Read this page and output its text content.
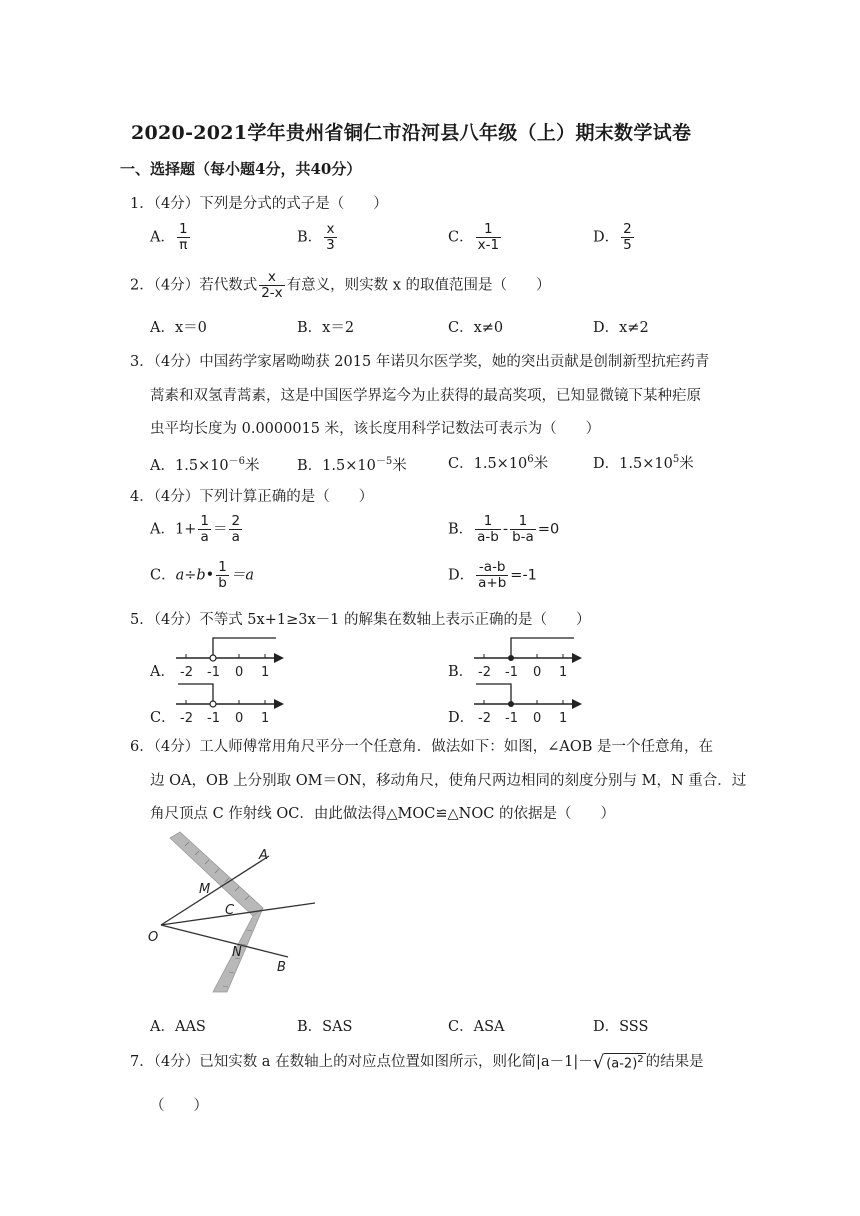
2020-2021学年贵州省铜仁市沿河县八年级（上）期末数学试卷
一、选择题（每小题4分，共40分）
1．（4分）下列是分式的式子是（　　）
A． $\frac{1}{\pi}$	B． $\frac{x}{3}$	C． $\frac{1}{x-1}$	D． $\frac{2}{5}$
2．（4分）若代数式 $\frac{x}{2-x}$ 有意义，则实数 x 的取值范围是（　　）
A．x＝0	B．x＝2	C．x≠0	D．x≠2
3．（4分）中国药学家屠呦呦获 2015 年诺贝尔医学奖，她的突出贡献是创制新型抗疟药青
蒿素和双氢青蒿素，这是中国医学界迄今为止获得的最高奖项，已知显微镜下某种疟原
虫平均长度为 0.0000015 米，该长度用科学记数法可表示为（　　）
A．$1.5\times 10^{-6}$米	B．$1.5\times 10^{-5}$米	C．$1.5\times 10^6$米	D．$1.5\times 10^5$米
4．（4分）下列计算正确的是（　　）
A．$1+ \frac{1}{a} = \frac{2}{a}$	B． $\frac{1}{a-b} - \frac{1}{b-a} =0$
C．a÷b• $\frac{1}{b} =a$	D． $\frac{-a-b}{a+b} =-1$
5．（4分）不等式 5x+1≥3x－1 的解集在数轴上表示正确的是（　　）
A． -2 -1 0 1	B． -2 -1 0 1
C． -2 -1 0 1	D． -2 -1 0 1
6．（4分）工人师傅常用角尺平分一个任意角．做法如下：如图，∠AOB 是一个任意角，在
边 OA，OB 上分别取 OM＝ON，移动角尺，使角尺两边相同的刻度分别与 M，N 重合．过
角尺顶点 C 作射线 OC．由此做法得△MOC≌△NOC 的依据是（　　）
A
M
C
O
N
B
A．AAS	B．SAS	C．ASA	D．SSS
7．（4分）已知实数 a 在数轴上的对应点位置如图所示，则化简|a－1|－√ $(a-2)^2$ 的结果是
（　　）
